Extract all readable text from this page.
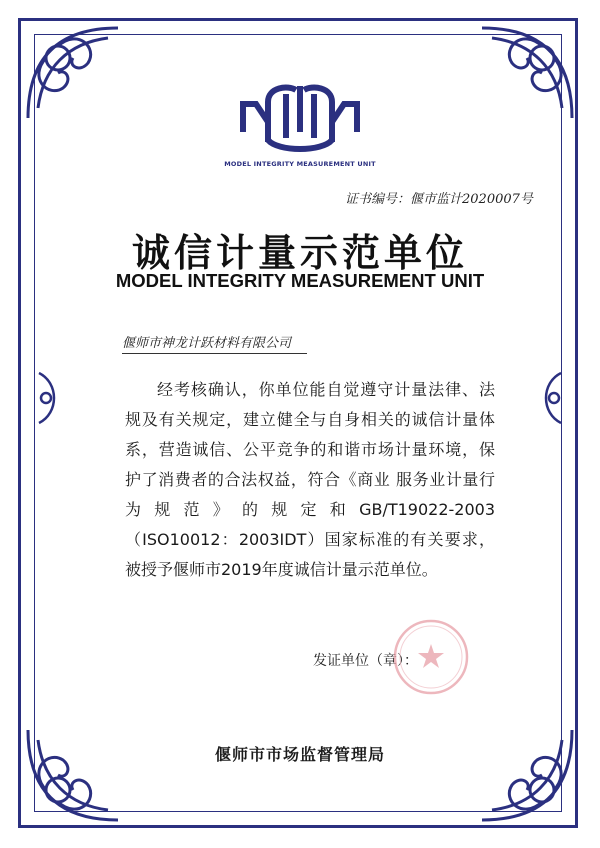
MODEL INTEGRITY MEASUREMENT UNIT
证书编号：偃市监计2020007号
诚信计量示范单位
MODEL INTEGRITY MEASUREMENT UNIT
偃师市神龙计跃材料有限公司
经考核确认，你单位能自觉遵守计量法律、法
规及有关规定，建立健全与自身相关的诚信计量体
系，营造诚信、公平竞争的和谐市场计量环境，保
护了消费者的合法权益，符合《商业 服务业计量行
为 规 范 》 的 规 定 和 GB/T19022-2003
（ISO10012：2003IDT）国家标准的有关要求，
被授予偃师市2019年度诚信计量示范单位。
发证单位（章）：
偃师市市场监督管理局
